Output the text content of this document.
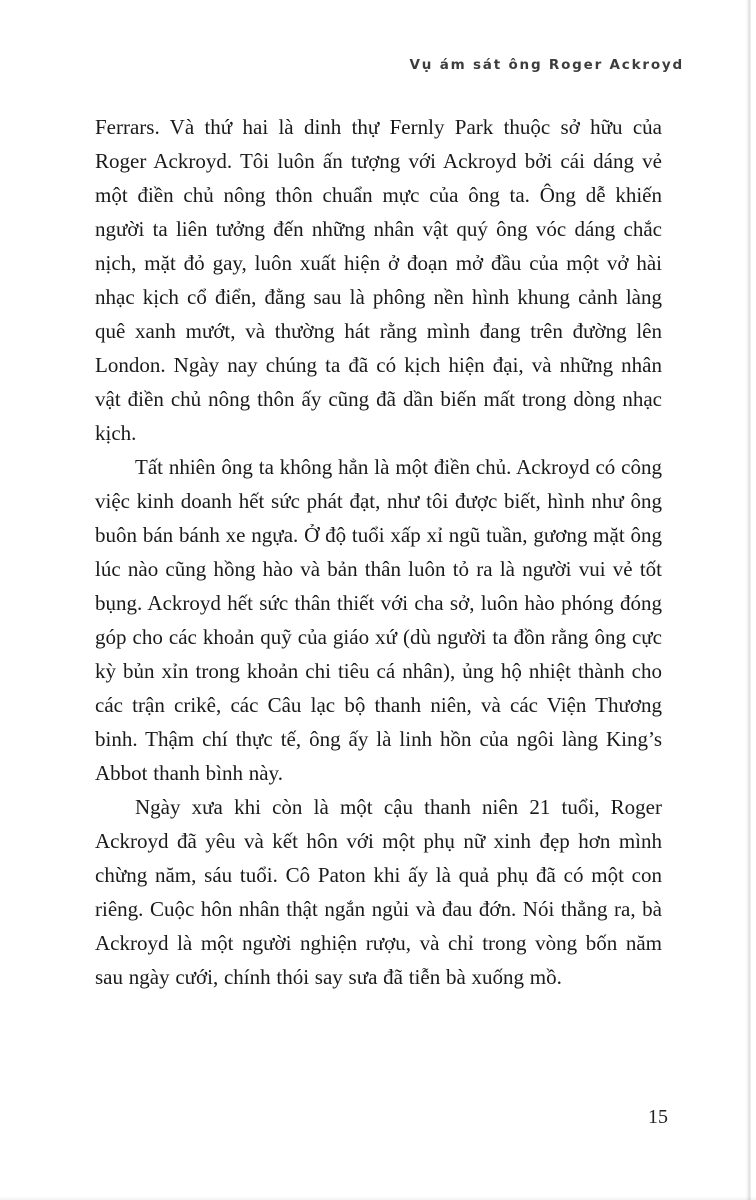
Vụ ám sát ông Roger Ackroyd

Ferrars. Và thứ hai là dinh thự Fernly Park thuộc sở hữu của Roger Ackroyd. Tôi luôn ấn tượng với Ackroyd bởi cái dáng vẻ một điền chủ nông thôn chuẩn mực của ông ta. Ông dễ khiến người ta liên tưởng đến những nhân vật quý ông vóc dáng chắc nịch, mặt đỏ gay, luôn xuất hiện ở đoạn mở đầu của một vở hài nhạc kịch cổ điển, đằng sau là phông nền hình khung cảnh làng quê xanh mướt, và thường hát rằng mình đang trên đường lên London. Ngày nay chúng ta đã có kịch hiện đại, và những nhân vật điền chủ nông thôn ấy cũng đã dần biến mất trong dòng nhạc kịch.

Tất nhiên ông ta không hẳn là một điền chủ. Ackroyd có công việc kinh doanh hết sức phát đạt, như tôi được biết, hình như ông buôn bán bánh xe ngựa. Ở độ tuổi xấp xỉ ngũ tuần, gương mặt ông lúc nào cũng hồng hào và bản thân luôn tỏ ra là người vui vẻ tốt bụng. Ackroyd hết sức thân thiết với cha sở, luôn hào phóng đóng góp cho các khoản quỹ của giáo xứ (dù người ta đồn rằng ông cực kỳ bủn xỉn trong khoản chi tiêu cá nhân), ủng hộ nhiệt thành cho các trận crikê, các Câu lạc bộ thanh niên, và các Viện Thương binh. Thậm chí thực tế, ông ấy là linh hồn của ngôi làng King’s Abbot thanh bình này.

Ngày xưa khi còn là một cậu thanh niên 21 tuổi, Roger Ackroyd đã yêu và kết hôn với một phụ nữ xinh đẹp hơn mình chừng năm, sáu tuổi. Cô Paton khi ấy là quả phụ đã có một con riêng. Cuộc hôn nhân thật ngắn ngủi và đau đớn. Nói thẳng ra, bà Ackroyd là một người nghiện rượu, và chỉ trong vòng bốn năm sau ngày cưới, chính thói say sưa đã tiễn bà xuống mồ.

15
